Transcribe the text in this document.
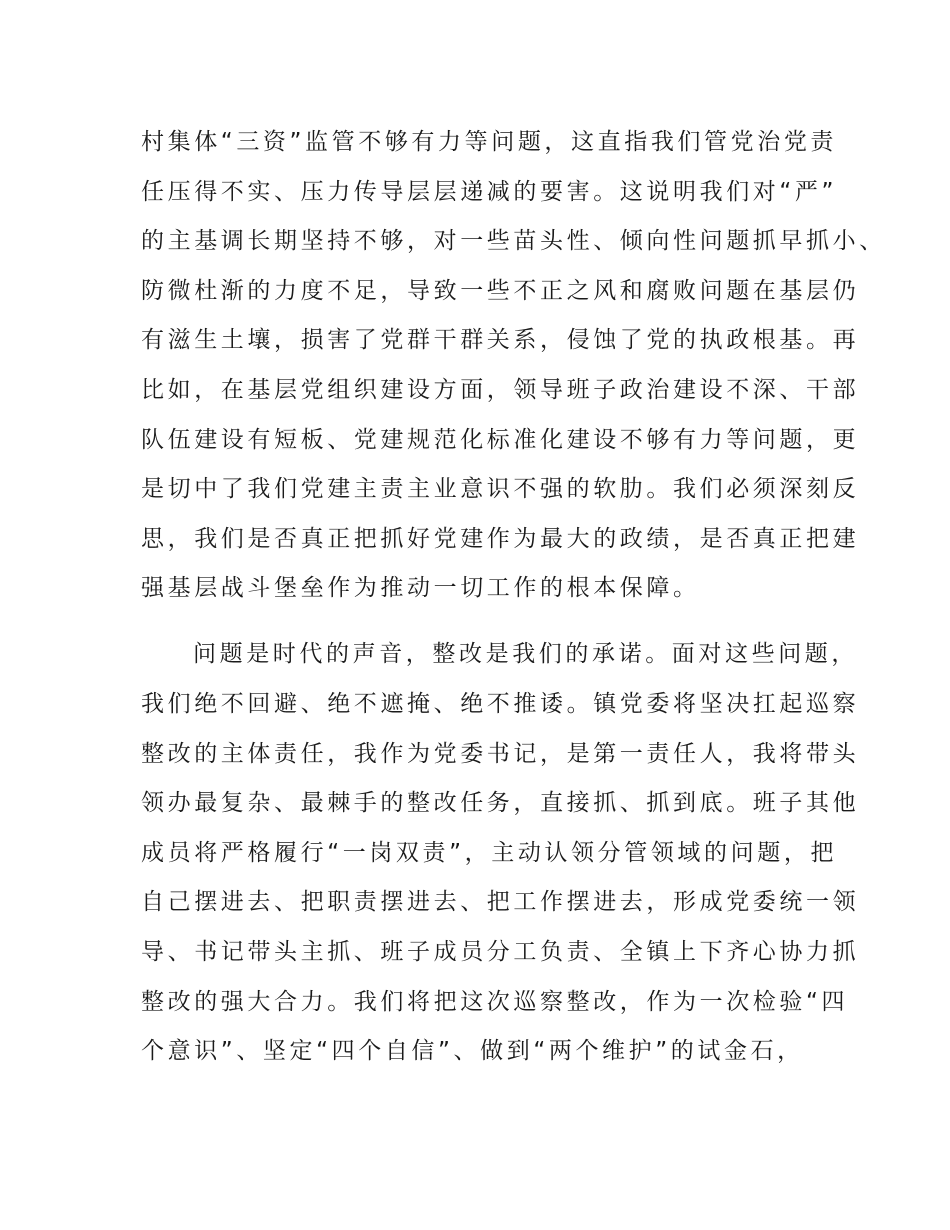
村集体“三资”监管不够有力等问题，这直指我们管党治党责
任压得不实、压力传导层层递减的要害。这说明我们对“严”
的主基调长期坚持不够，对一些苗头性、倾向性问题抓早抓小、
防微杜渐的力度不足，导致一些不正之风和腐败问题在基层仍
有滋生土壤，损害了党群干群关系，侵蚀了党的执政根基。再
比如，在基层党组织建设方面，领导班子政治建设不深、干部
队伍建设有短板、党建规范化标准化建设不够有力等问题，更
是切中了我们党建主责主业意识不强的软肋。我们必须深刻反
思，我们是否真正把抓好党建作为最大的政绩，是否真正把建
强基层战斗堡垒作为推动一切工作的根本保障。
问题是时代的声音，整改是我们的承诺。面对这些问题，
我们绝不回避、绝不遮掩、绝不推诿。镇党委将坚决扛起巡察
整改的主体责任，我作为党委书记，是第一责任人，我将带头
领办最复杂、最棘手的整改任务，直接抓、抓到底。班子其他
成员将严格履行“一岗双责”，主动认领分管领域的问题，把
自己摆进去、把职责摆进去、把工作摆进去，形成党委统一领
导、书记带头主抓、班子成员分工负责、全镇上下齐心协力抓
整改的强大合力。我们将把这次巡察整改，作为一次检验“四
个意识”、坚定“四个自信”、做到“两个维护”的试金石，
